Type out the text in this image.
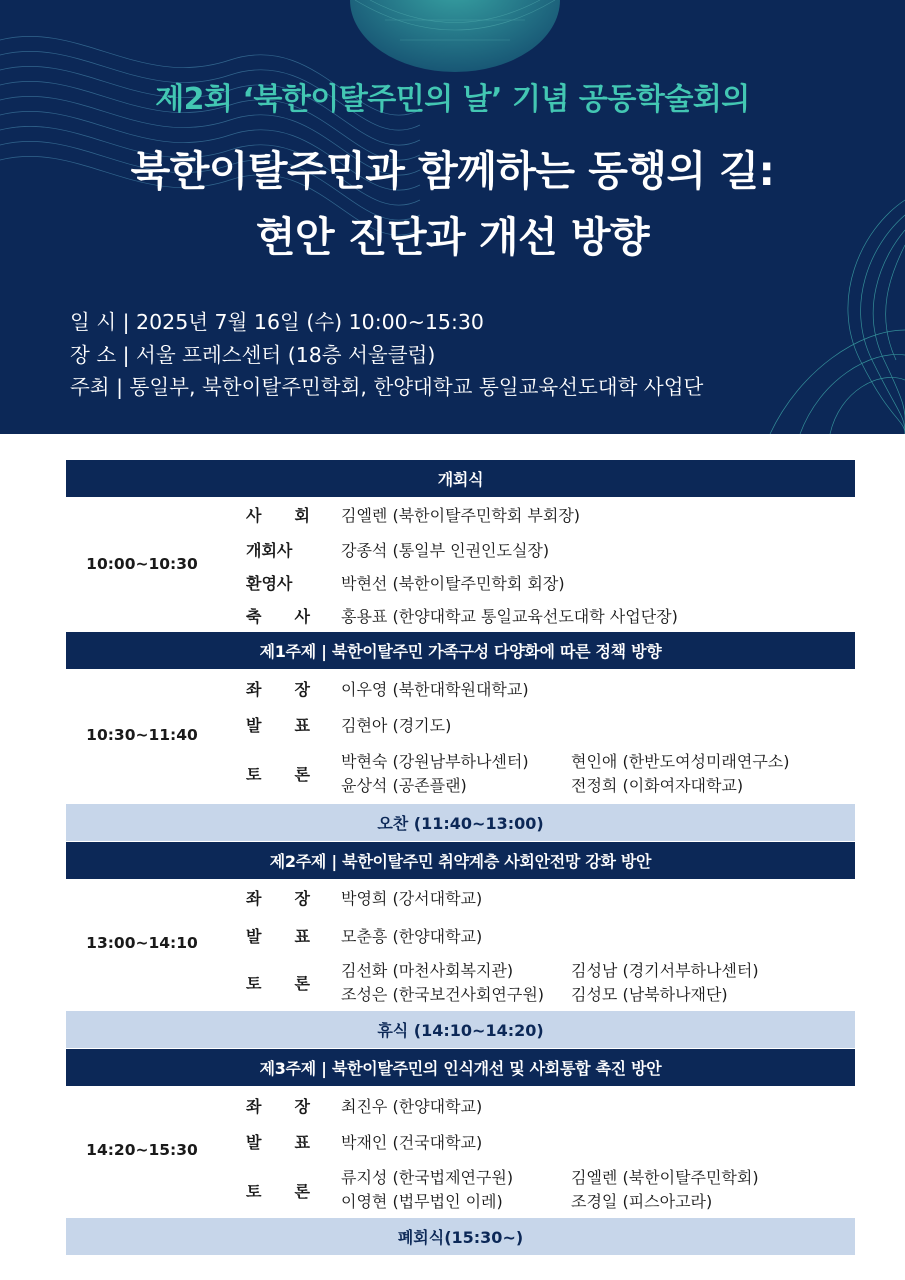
제2회 ‘북한이탈주민의 날’ 기념 공동학술회의
북한이탈주민과 함께하는 동행의 길:
현안 진단과 개선 방향
일 시 | 2025년 7월 16일 (수) 10:00~15:30
장 소 | 서울 프레스센터 (18층 서울클럽)
주최 | 통일부, 북한이탈주민학회, 한양대학교 통일교육선도대학 사업단
개회식
10:00~10:30
사 회 김엘렌 (북한이탈주민학회 부회장)
개회사	강종석 (통일부 인권인도실장)
환영사	박현선 (북한이탈주민학회 회장)
축 사 홍용표 (한양대학교 통일교육선도대학 사업단장)
제1주제 | 북한이탈주민 가족구성 다양화에 따른 정책 방향
10:30~11:40
좌 장 이우영 (북한대학원대학교)
발 표 김현아 (경기도)
토 론
박현숙 (강원남부하나센터)	현인애 (한반도여성미래연구소)
윤상석 (공존플랜)	전정희 (이화여자대학교)
오찬 (11:40~13:00)
제2주제 | 북한이탈주민 취약계층 사회안전망 강화 방안
13:00~14:10
좌 장 박영희 (강서대학교)
발 표 모춘흥 (한양대학교)
토 론
김선화 (마천사회복지관)	김성남 (경기서부하나센터)
조성은 (한국보건사회연구원) 김성모 (남북하나재단)
휴식 (14:10~14:20)
제3주제 | 북한이탈주민의 인식개선 및 사회통합 촉진 방안
14:20~15:30
좌 장 최진우 (한양대학교)
발 표 박재인 (건국대학교)
토 론
류지성 (한국법제연구원)	김엘렌 (북한이탈주민학회)
이영현 (법무법인 이레)	조경일 (피스아고라)
폐회식(15:30~)
